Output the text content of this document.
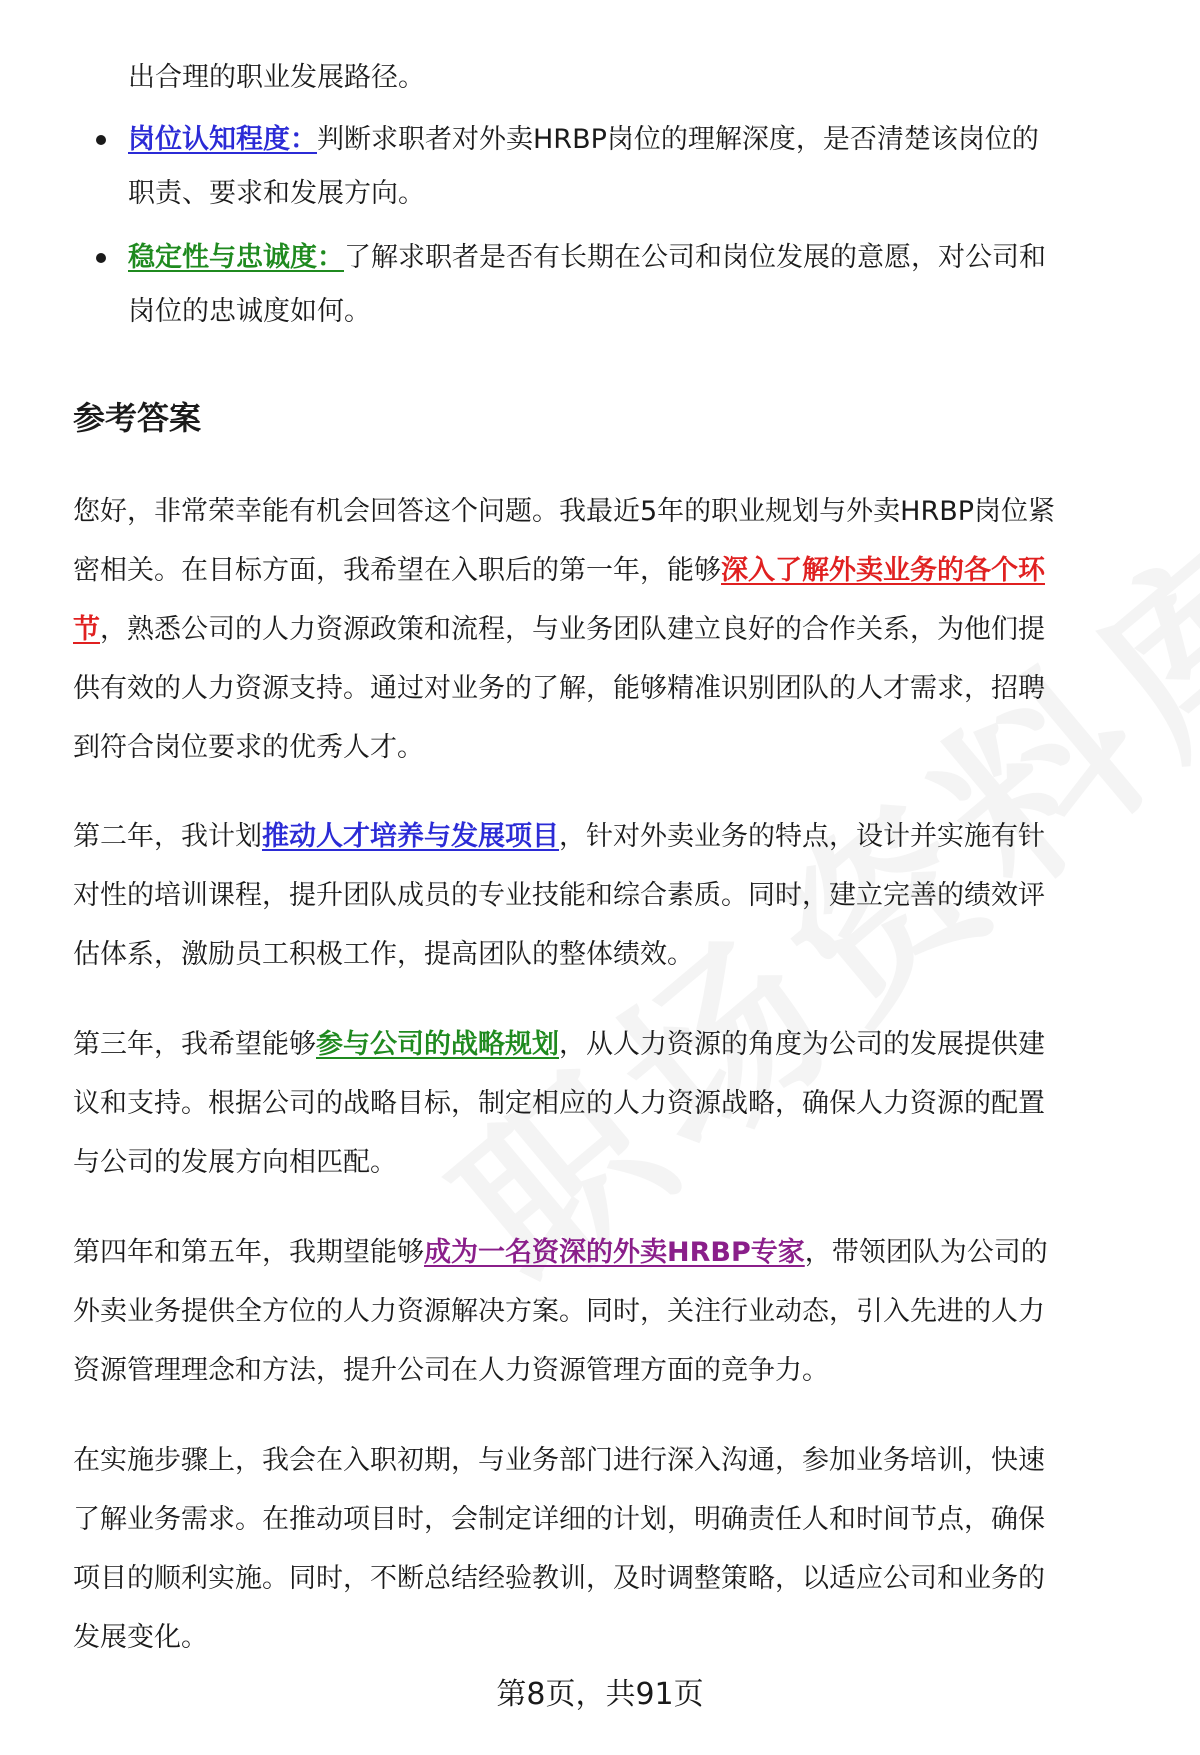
出合理的职业发展路径。
岗位认知程度：判断求职者对外卖HRBP岗位的理解深度，是否清楚该岗位的
职责、要求和发展方向。
稳定性与忠诚度：了解求职者是否有长期在公司和岗位发展的意愿，对公司和
岗位的忠诚度如何。
参考答案
您好，非常荣幸能有机会回答这个问题。我最近5年的职业规划与外卖HRBP岗位紧
密相关。在目标方面，我希望在入职后的第一年，能够深入了解外卖业务的各个环
节，熟悉公司的人力资源政策和流程，与业务团队建立良好的合作关系，为他们提
供有效的人力资源支持。通过对业务的了解，能够精准识别团队的人才需求，招聘
到符合岗位要求的优秀人才。
第二年，我计划推动人才培养与发展项目，针对外卖业务的特点，设计并实施有针
对性的培训课程，提升团队成员的专业技能和综合素质。同时，建立完善的绩效评
估体系，激励员工积极工作，提高团队的整体绩效。
第三年，我希望能够参与公司的战略规划，从人力资源的角度为公司的发展提供建
议和支持。根据公司的战略目标，制定相应的人力资源战略，确保人力资源的配置
与公司的发展方向相匹配。
第四年和第五年，我期望能够成为一名资深的外卖HRBP专家，带领团队为公司的
外卖业务提供全方位的人力资源解决方案。同时，关注行业动态，引入先进的人力
资源管理理念和方法，提升公司在人力资源管理方面的竞争力。
在实施步骤上，我会在入职初期，与业务部门进行深入沟通，参加业务培训，快速
了解业务需求。在推动项目时，会制定详细的计划，明确责任人和时间节点，确保
项目的顺利实施。同时，不断总结经验教训，及时调整策略，以适应公司和业务的
发展变化。
第8页，共91页
